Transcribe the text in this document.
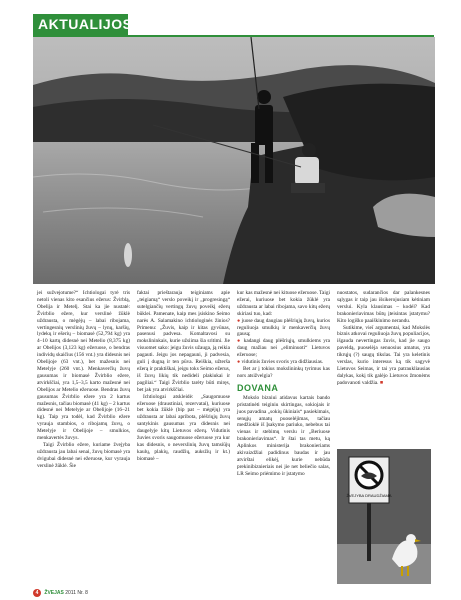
AKTUALIJOS

jei sužvejotume?“ Ichtiologai tyrė tris netoli vienas kito esančius ežerus: Žvirblą, Obelija ir Metelį. Stai ka jie nustatė: Žvirblio ežere, kur verslinė žūklė uždrausta, o mėgėjų – labai ribojama, vertingesnių verslinių žuvų – lynų, karšių, lydekų ir ešerių – biomasė (52,794 kg) yra 4–10 kartų didesnė nei Metelio (8,375 kg) ar Obelijos (3,123 kg) ežeruose, o bendras individų skaičius (156 vnt.) yra didesnis nei Obelijoje (63 vnt.), bet mažesnis nei Metelyje (260 vnt.). Menkaverčių žuvų gausumas ir biomasė Žvirblio ežere, atvirkščiai, yra 1,5–3,5 karto mažesnė nei Obelijos ar Metelio ežeruose. Bendras žuvų gausumas Žvirblio ežere yra 2 kartus mažesnis, tačiau biomasė (41 kg) – 2 kartus didesnė nei Metelyje ar Obelijoje (16–21 kg). Taip yra todėl, kad Žvirblio ežere vyrauja stambios, o ribojamų žuvų, o Metelyje ir Obelijoje – smulkios, menkavertės žuvys.

Taigi Žvirblio ežere, kuriame žvejyba uždrausta jau labai senai, žuvų biomasė yra dvigubai didesnė nei ežeruose, kur vyrauja verslinė žūklė. Šie

faktai prieštarauja teiginiams apie „teigiamą“ verslo poveikį ir „progresingą“ sutelgiančių vertingų žuvų poveikį ežerų būklei. Pamenate, kaip mes įsiskino Seimo narės A. Salamakino ichtiologinės žinios? Primenu: „Žuvis, kaip ir kitas gyvūnas, pasenusi padvesa. Komaltavosi su mokslininkais, kurie užsiima šia sritimi. Jie visuomet sako: jeigu žuvis užauga, ją reikia pagauti. Jeigu jos nepagauni, ji padvesia, guli į dugną ir ten pūva. Reiškia, užterša ežerą ir praktiškai, jeigu toks Seimo ežerus, iš žuvų likių tik nedideli plakiukai ir pagiliai.“ Taigi Žvirblio tarėty būti miręs, bet jak yra atvirkščiai.

Ichtiologai atskleidė: „Saugomuose ežeruose (draustiniai, rezervatai), kuriuose bet kokia žūklė (bip pat – mėgėjų) yra uždrausta ar labai apribota, plėšriųjų žuvų santykinis gausumas yra didesnis nei daugelyje kitų Lietuvos ežerų. Vidutinis žuvies svoris saugomuose ežeruose yra kur kas didesnis, o neverslinių žuvų tamsiūjų kaulų, plakių, raudžių, auksžių ir kt.) biomasė –

kur kas mažesnė nei kituose ežeruose. Taigi ežerai, kuriuose bet kokia žūklė yra uždrausta ar labai ribojama, savo kitų ežerų skiriasi tuo, kad:

● juose daug daugiau plėšriųjų žuvų, kurios reguliuoja smulkių ir menkaverčių žuvų gausą;

● kadangi daug plėšriųjų, smulkiems yra daug mažiau nei „eliminuoti“ Lietuvos ežeruose;

● vidutinis žuvies svoris yra didžiausias.

Bet ar į tokius mokslininkų tyrimus kas nors atsižvelgia?

DOVANA

Mokslo bizniui atidavus kartais bando pristatinėti teiginiu skirtingas, sokiojais ir juos pavadina „sokių ūkiniais“ pasiekimais, senųjų amatų puoselėjimas, tačiau medžioklė iš Įsakymo pariuko, nebebus tai vienas ir stebimų verslu ir „Beriuose brakonieriavimas“. Ir štai tas metu, ką Aplinkos ministerija brakonieriams akivaizdžiai padidinus baudas ir jau atvirštai elikėj, kurie nebūda prekinibiznieriais nei jie net beliečio salas, LR Seimo priėmimo ir įstatymo

nuostatos, sudarančios dar palankesnes sąlygas ir taip jau išsikerojusiam kėtiniam verslui. Kyla klausimas – kodėl? Kad brakonieriavimas būtų įteisintas įstatymu? Kito logiško paaiškinimo nerandu.

Sutikime, vieī argumentai, kad Mokslės biznis atkovai reguliuoja žuvų populiacijos, išgauda nevertingas žuvis, kad jie saugo paveldą, puoselėja senuosius amatus, yra tikrųjų (?) saugų tikslas. Tai yra keletinis verslas, kurio interesus ką tik sagyvė Lietuvos Seimas, ir tai yra patraukliausias dalykas, kokį tik galėjo Lietuvos žmonėms padovanoti valdžia. ■

ŽVEJYBA DRAUDŽIAMA
4 ŽVEJAS 2011 Nr. 8
